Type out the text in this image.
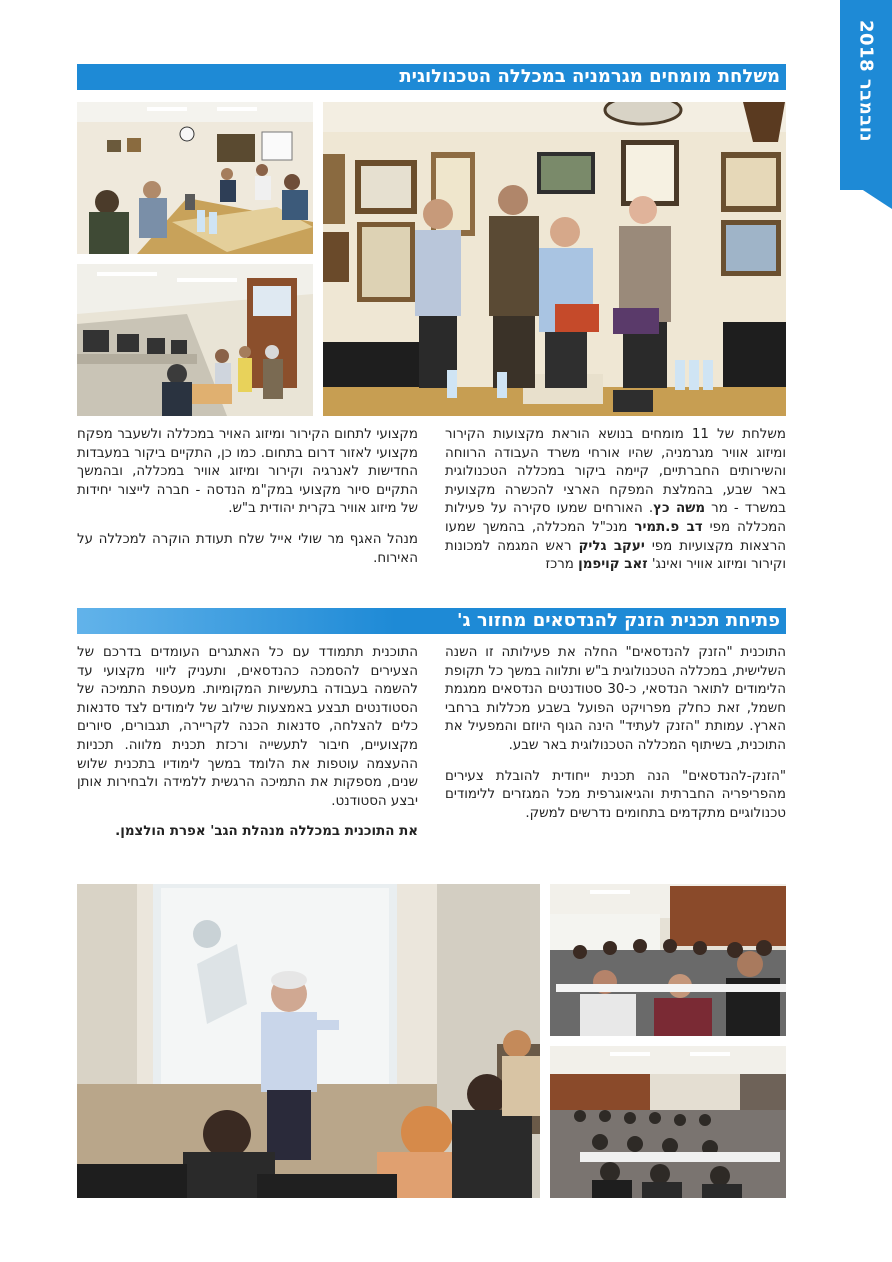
נובמבר 2018
משלחת מומחים מגרמניה במכללה הטכנולוגית

משלחת של 11 מומחים בנושא הוראת מקצועות הקירור ומיזוג אוויר מגרמניה, שהיו אורחי משרד העבודה הרווחה והשירותים החברתיים, קיימה ביקור במכללה הטכנולוגית באר שבע, בהמלצת המפקח הארצי להכשרה מקצועית במשרד - מר משה כץ. האורחים שמעו סקירה על פעילות המכללה מפי דב פ.תמיר מנכ"ל המכללה, בהמשך שמעו הרצאות מקצועיות מפי יעקב גליק ראש המגמה למכונות וקירור ומיזוג אוויר ואינג' זאב קויפמן מרכז

מקצועי לתחום הקירור ומיזוג האויר במכללה ולשעבר מפקח מקצועי לאזור דרום בתחום. כמו כן, התקיים ביקור במעבדות החדישות לאנרגיה וקירור ומיזוג אוויר במכללה, ובהמשך התקיים סיור מקצועי במק"מ הנדסה - חברה לייצור יחידות של מיזוג אוויר בקרית יהודית ב"ש.

מנהל האגף מר שולי אייל שלח תעודת הוקרה למכללה על האירוח.

פתיחת תכנית הזנק להנדסאים מחזור ג'

התוכנית "הזנק להנדסאים" החלה את פעילותה זו השנה השלישית, במכללה הטכנולוגית ב"ש ותלווה במשך כל תקופת הלימודים לתואר הנדסאי, כ-30 סטודנטים הנדסאים ממגמת חשמל, זאת כחלק מפרויקט הפועל בשבע מכללות ברחבי הארץ. עמותת "הזנק לעתיד" הינה הגוף היוזם והמפעיל את התוכנית, בשיתוף המכללה הטכנולוגית באר שבע.

"הזנק-להנדסאים" הנה תכנית ייחודית להובלת צעירים מהפריפריה החברתית והגיאוגרפית מכל המגזרים ללימודים טכנולוגיים מתקדמים בתחומים נדרשים למשק.

התוכנית תתמודד עם כל האתגרים העומדים בדרכם של הצעירים להסמכה כהנדסאים, ותעניק ליווי מקצועי עד להשמה בעבודה בתעשיות המקומיות. מעטפת התמיכה של הסטודנטים תבצע באמצעות שילוב של לימודים לצד סדנאות כלים להצלחה, סדנאות הכנה לקריירה, תגבורים, סיורים מקצועיים, חיבור לתעשייה ורכזת תכנית מלווה. תכניות ההעצמה עוטפות את הלומד במשך לימודיו בתכנית שלוש שנים, מספקות את התמיכה הרגשית ללמידה ולבחירות אותן יבצע הסטודנט.

את התוכנית במכללה מנהלת הגב' אפרת הולצמן.
